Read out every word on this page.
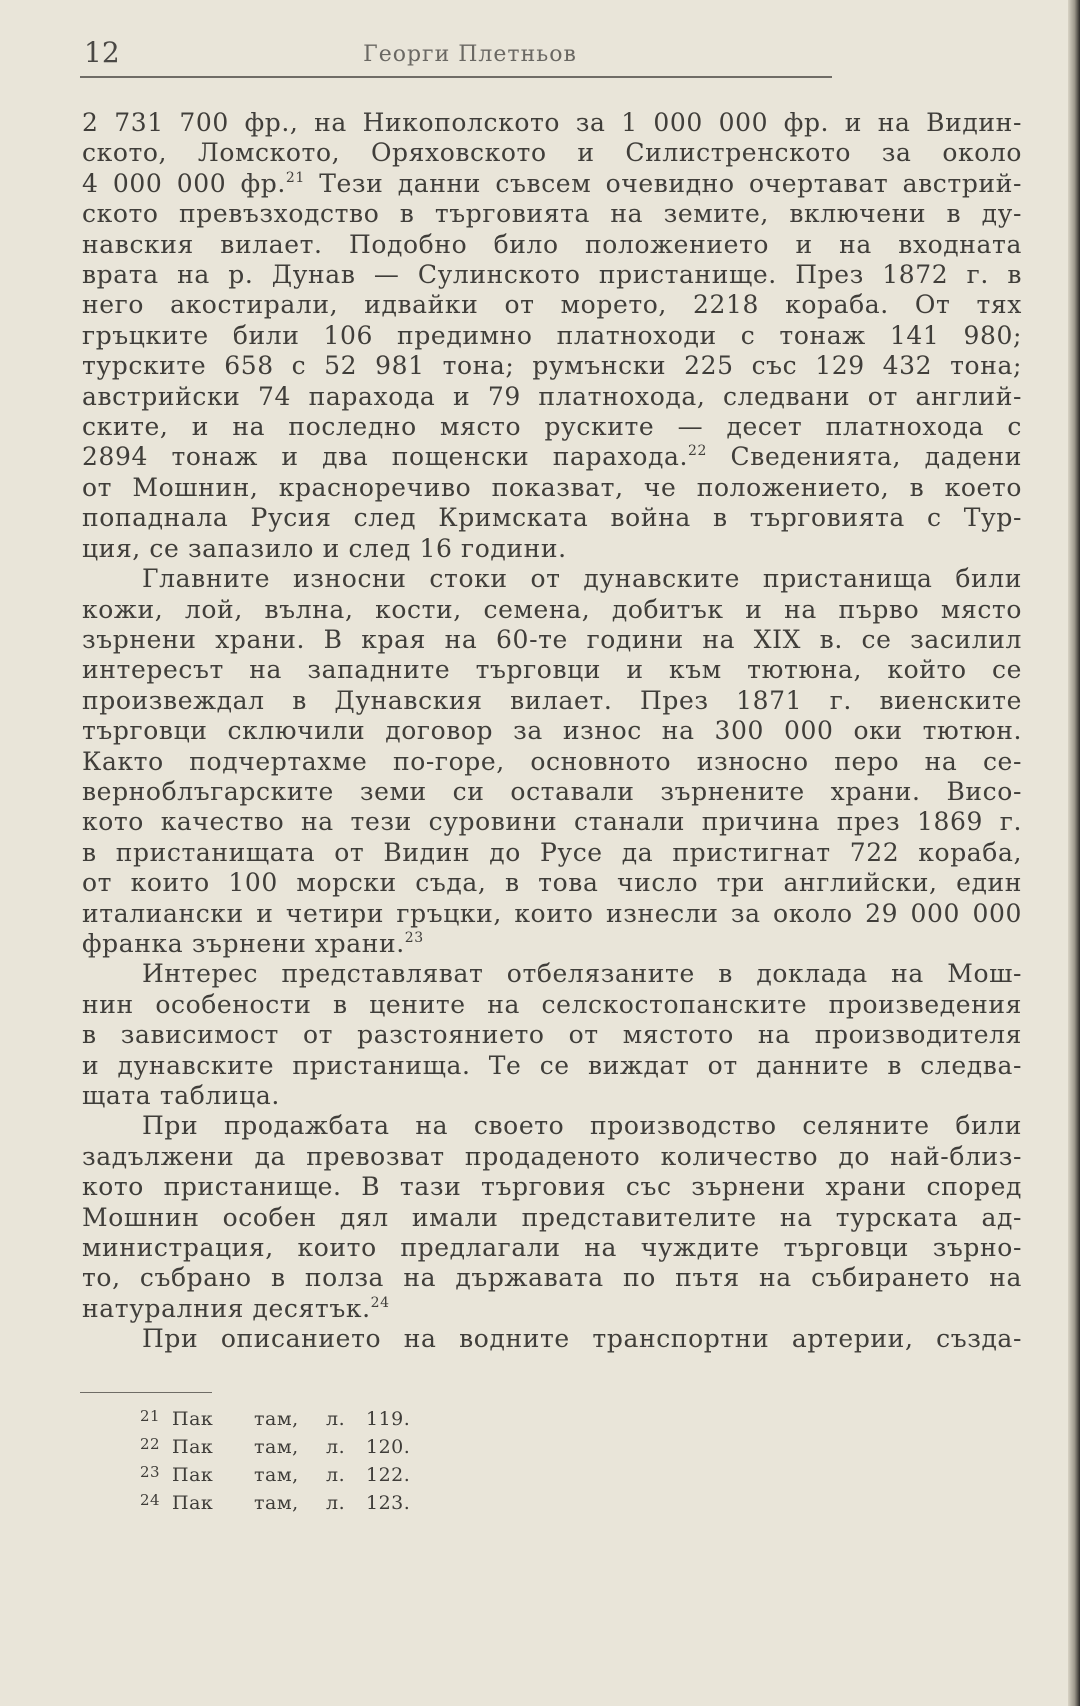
12	Георги Плетньов

2 731 700 фр., на Никополското за 1 000 000 фр. и на Видин-
ското, Ломското, Оряховското и Силистренското за около
4 000 000 фр.$^{21}$ Тези данни съвсем очевидно очертават австрий-
ското превъзходство в търговията на земите, включени в ду-
навския вилает. Подобно било положението и на входната
врата на р. Дунав — Сулинското пристанище. През 1872 г. в
него акостирали, идвайки от морето, 2218 кораба. От тях
гръцките били 106 предимно платноходи с тонаж 141 980;
турските 658 с 52 981 тона; румънски 225 със 129 432 тона;
австрийски 74 парахода и 79 платнохода, следвани от англий-
ските, и на последно място руските — десет платнохода с
2894 тонаж и два пощенски парахода.$^{22}$ Сведенията, дадени
от Мошнин, красноречиво показват, че положението, в което
попаднала Русия след Кримската война в търговията с Тур-
ция, се запазило и след 16 години.

Главните износни стоки от дунавските пристанища били
кожи, лой, вълна, кости, семена, добитък и на първо място
зърнени храни. В края на 60-те години на XIX в. се засилил
интересът на западните търговци и към тютюна, който се
произвеждал в Дунавския вилает. През 1871 г. виенските
търговци сключили договор за износ на 300 000 оки тютюн.
Както подчертахме по-горе, основното износно перо на се-
верноблъгарските земи си оставали зърнените храни. Висо-
кото качество на тези суровини станали причина през 1869 г.
в пристанищата от Видин до Русе да пристигнат 722 кораба,
от които 100 морски съда, в това число три английски, един
италиански и четири гръцки, които изнесли за около 29 000 000
франка зърнени храни.$^{23}$

Интерес представляват отбелязаните в доклада на Мош-
нин особености в цените на селскостопанските произведения
в зависимост от разстоянието от мястото на производителя
и дунавските пристанища. Те се виждат от данните в следва-
щата таблица.

При продажбата на своето производство селяните били
задължени да превозват продаденото количество до най-близ-
кото пристанище. В тази търговия със зърнени храни според
Мошнин особен дял имали представителите на турската ад-
министрация, които предлагали на чуждите търговци зърно-
то, събрано в полза на държавата по пътя на събирането на
натуралния десятък.$^{24}$

При описанието на водните транспортни артерии, създа-

21 Пак там, л. 119.
22 Пак там, л. 120.
23 Пак там, л. 122.
24 Пак там, л. 123.
